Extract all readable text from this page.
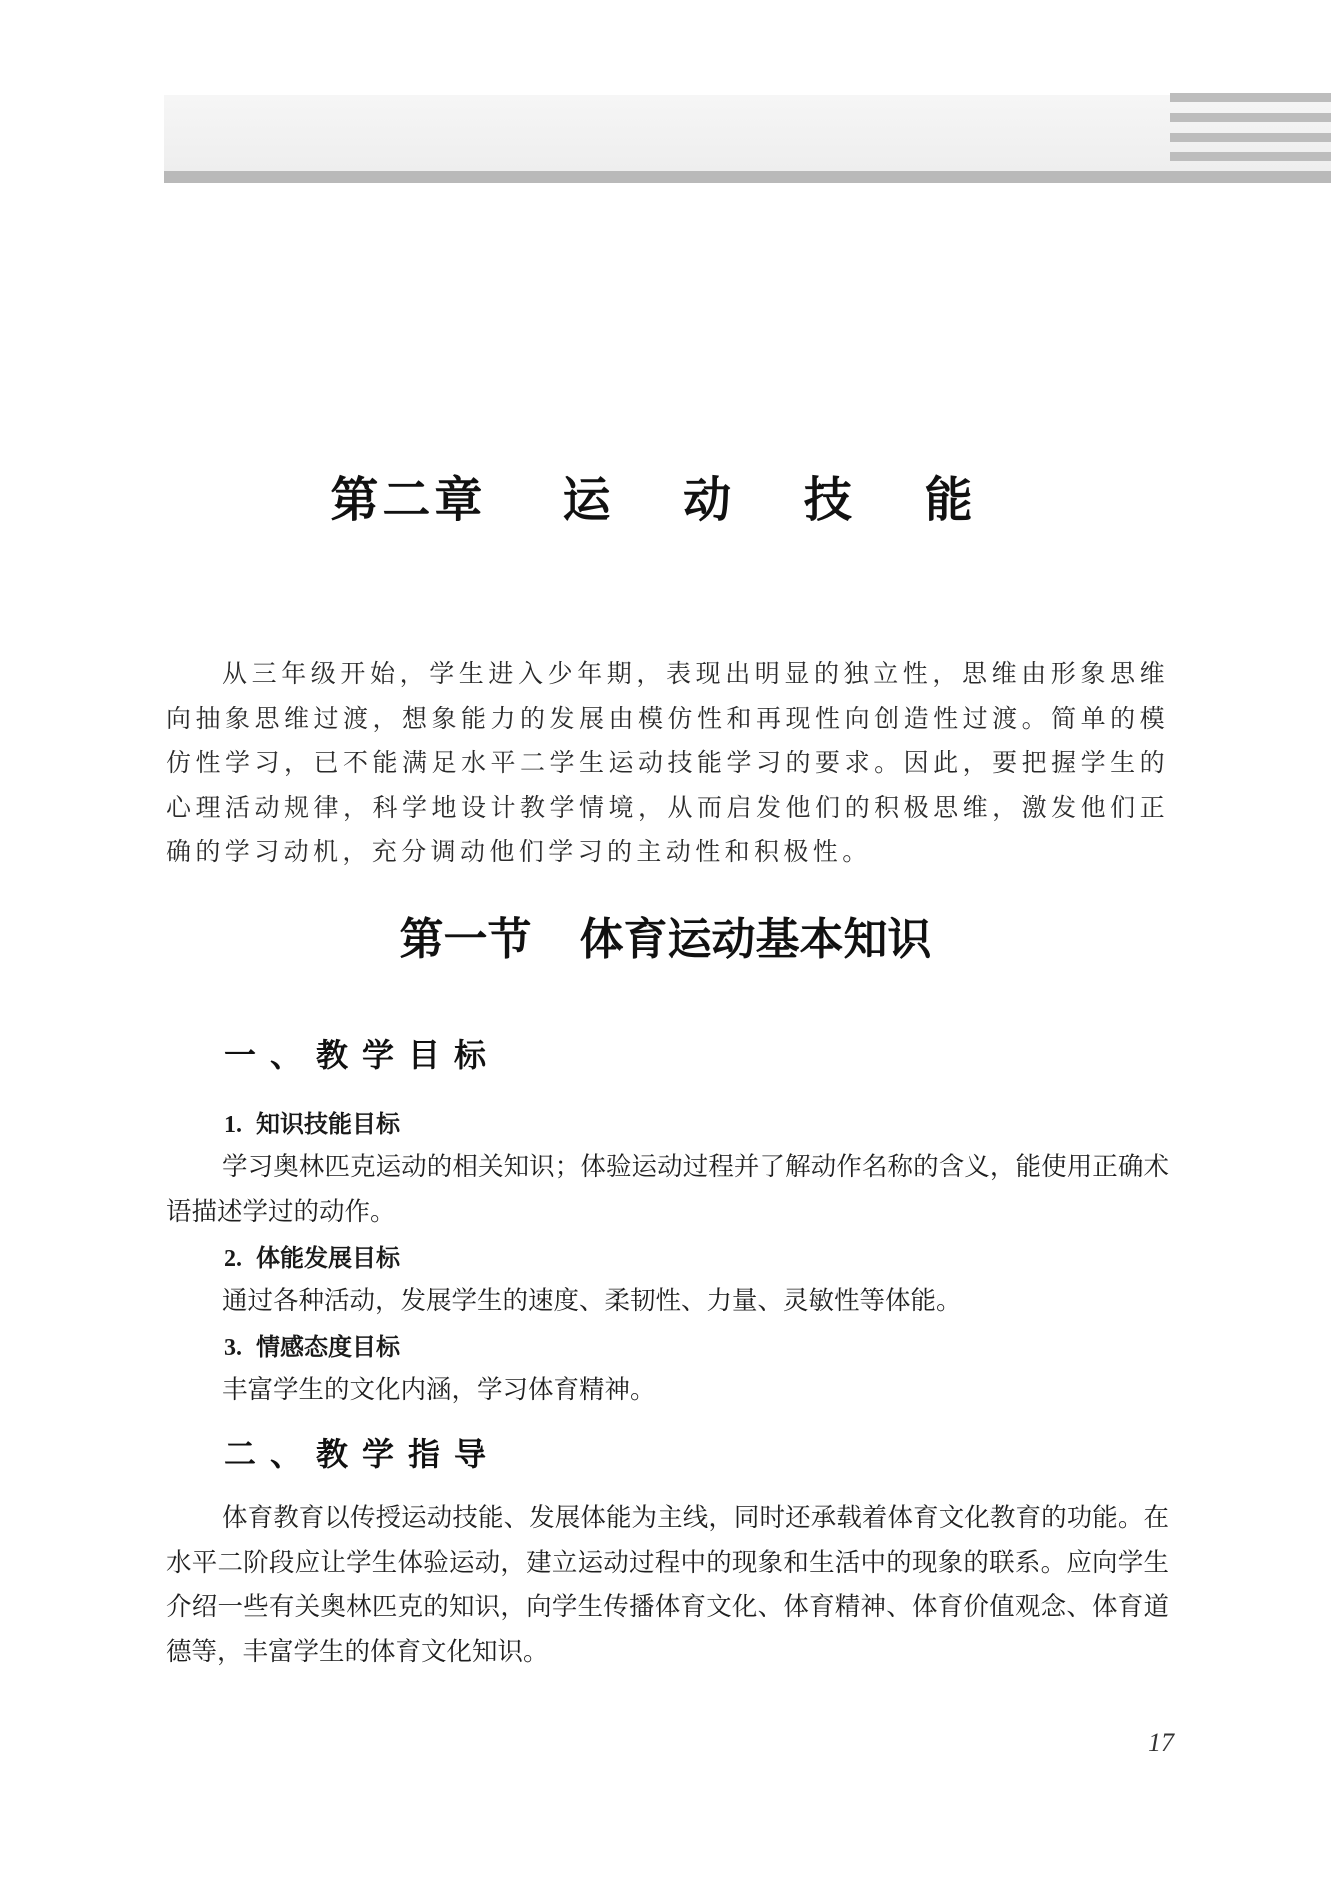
第二章 运 动 技 能

从三年级开始，学生进入少年期，表现出明显的独立性，思维由形象思维向抽象思维过渡，想象能力的发展由模仿性和再现性向创造性过渡。简单的模仿性学习，已不能满足水平二学生运动技能学习的要求。因此，要把握学生的心理活动规律，科学地设计教学情境，从而启发他们的积极思维，激发他们正确的学习动机，充分调动他们学习的主动性和积极性。

第一节 体育运动基本知识
一、教学目标
1. 知识技能目标

学习奥林匹克运动的相关知识；体验运动过程并了解动作名称的含义，能使用正确术语描述学过的动作。

2. 体能发展目标

通过各种活动，发展学生的速度、柔韧性、力量、灵敏性等体能。

3. 情感态度目标

丰富学生的文化内涵，学习体育精神。

二、教学指导

体育教育以传授运动技能、发展体能为主线，同时还承载着体育文化教育的功能。在水平二阶段应让学生体验运动，建立运动过程中的现象和生活中的现象的联系。应向学生介绍一些有关奥林匹克的知识，向学生传播体育文化、体育精神、体育价值观念、体育道德等，丰富学生的体育文化知识。

17
